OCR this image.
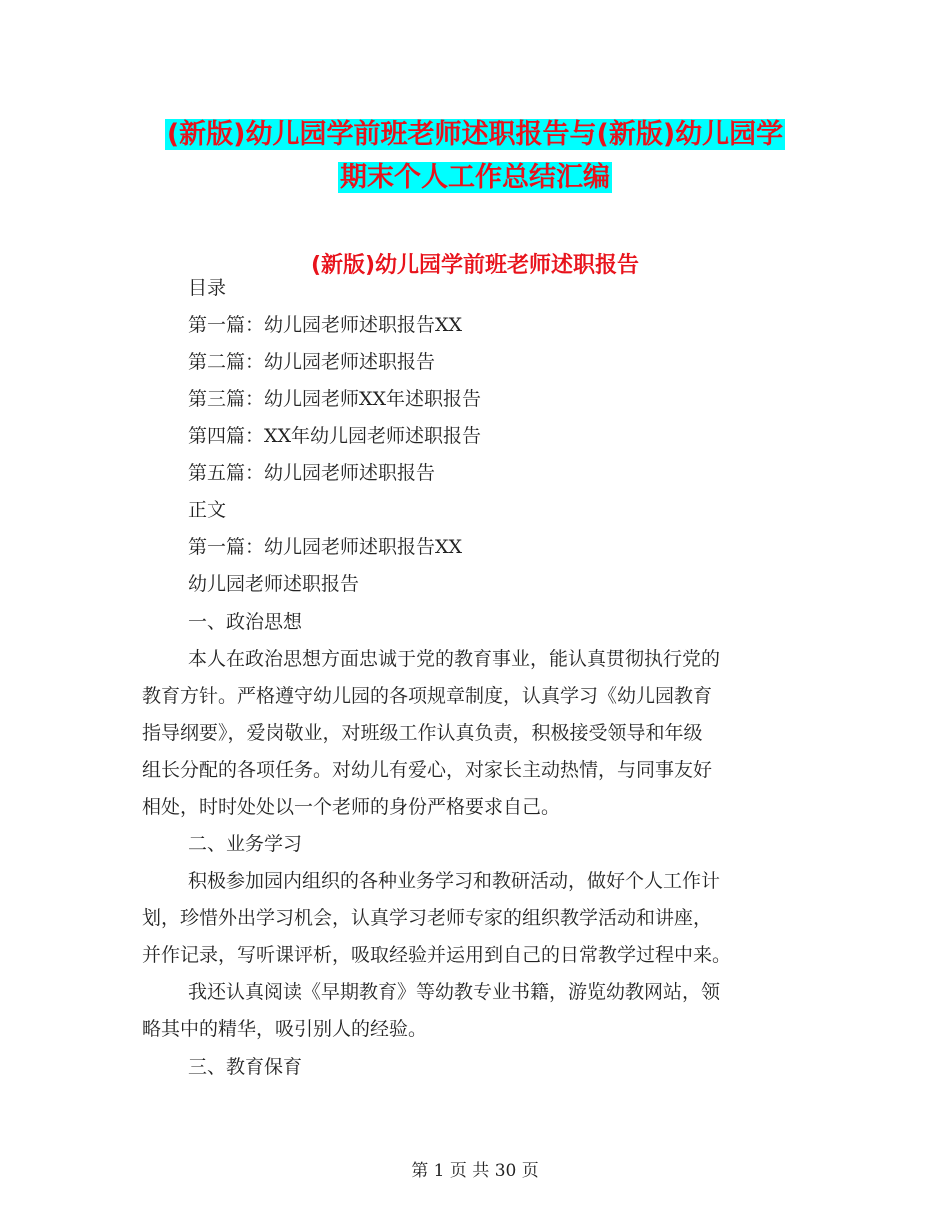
(新版)幼儿园学前班老师述职报告与(新版)幼儿园学
期末个人工作总结汇编
(新版)幼儿园学前班老师述职报告
目录
第一篇：幼儿园老师述职报告XX
第二篇：幼儿园老师述职报告
第三篇：幼儿园老师XX年述职报告
第四篇：XX年幼儿园老师述职报告
第五篇：幼儿园老师述职报告
正文
第一篇：幼儿园老师述职报告XX
幼儿园老师述职报告
一、政治思想
本人在政治思想方面忠诚于党的教育事业，能认真贯彻执行党的
教育方针。严格遵守幼儿园的各项规章制度，认真学习《幼儿园教育
指导纲要》，爱岗敬业，对班级工作认真负责，积极接受领导和年级
组长分配的各项任务。对幼儿有爱心，对家长主动热情，与同事友好
相处，时时处处以一个老师的身份严格要求自己。
二、业务学习
积极参加园内组织的各种业务学习和教研活动，做好个人工作计
划，珍惜外出学习机会，认真学习老师专家的组织教学活动和讲座，
并作记录，写听课评析，吸取经验并运用到自己的日常教学过程中来。
我还认真阅读《早期教育》等幼教专业书籍，游览幼教网站，领
略其中的精华，吸引别人的经验。
三、教育保育
第 1 页 共 30 页
